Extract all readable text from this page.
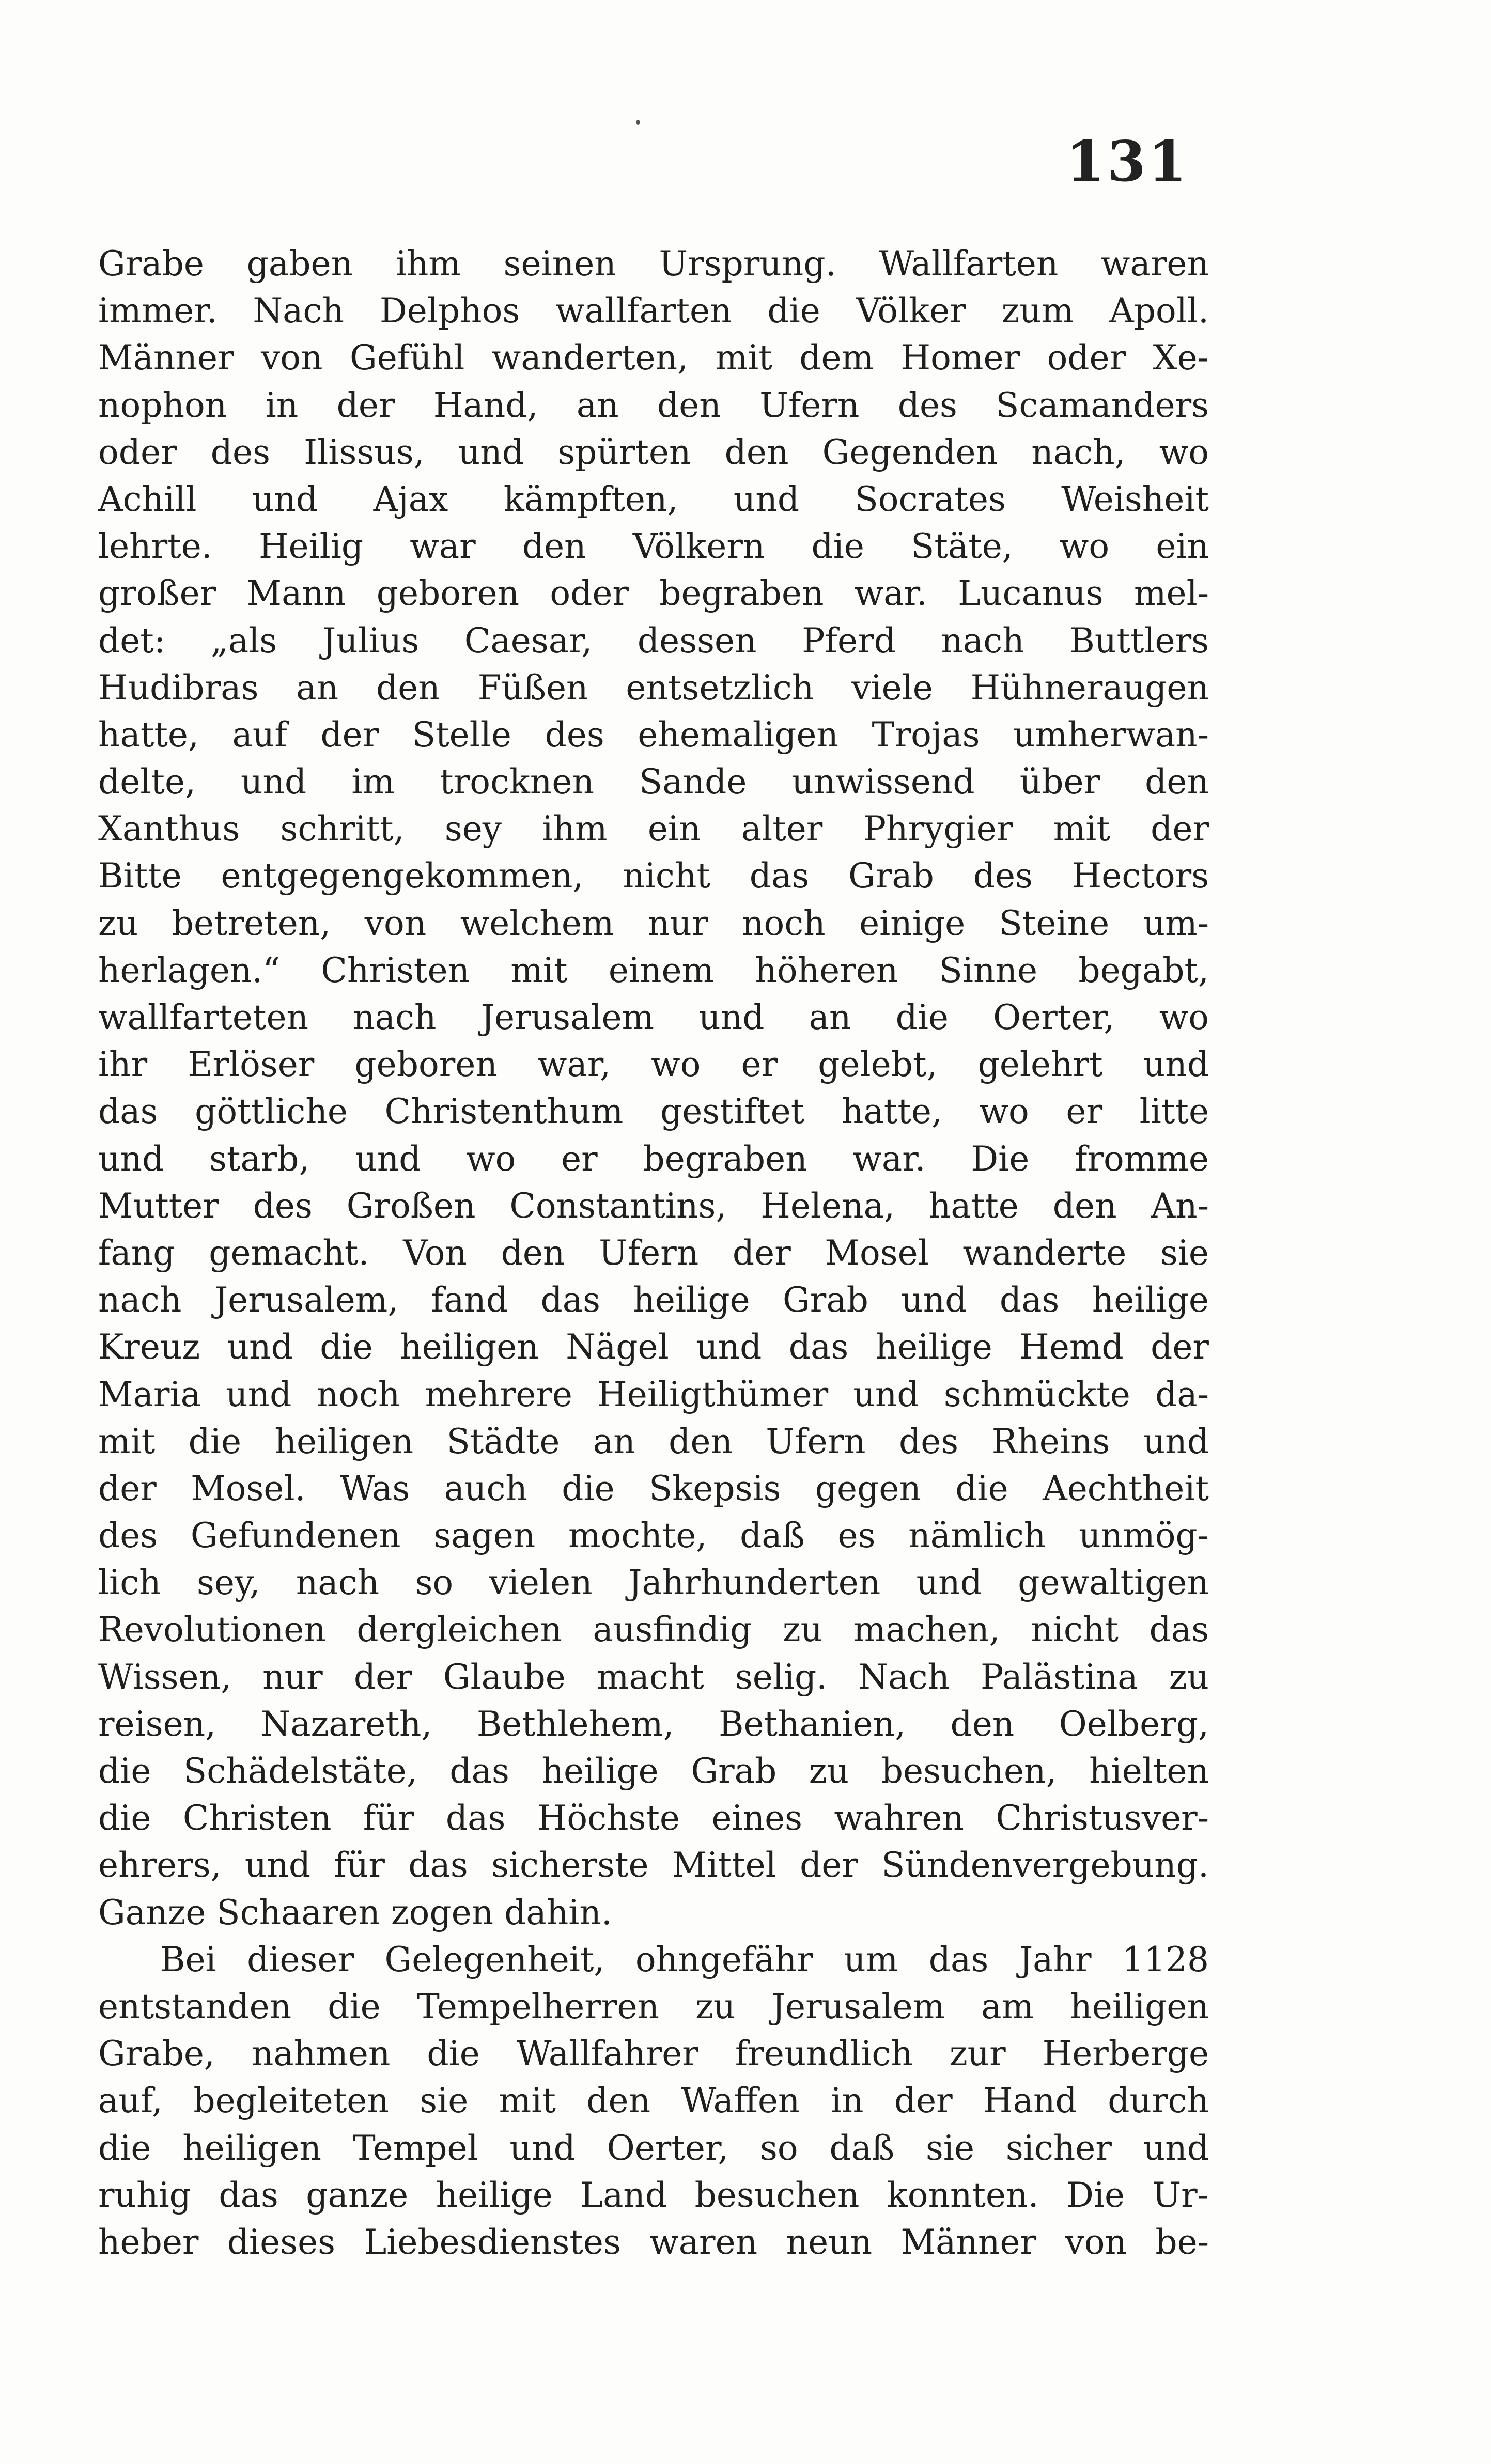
131
Grabe gaben ihm seinen Ursprung. Wallfarten waren
immer. Nach Delphos wallfarten die Völker zum Apoll.
Männer von Gefühl wanderten, mit dem Homer oder Xe-
nophon in der Hand, an den Ufern des Scamanders
oder des Ilissus, und spürten den Gegenden nach, wo
Achill und Ajax kämpften, und Socrates Weisheit
lehrte. Heilig war den Völkern die Stäte, wo ein
großer Mann geboren oder begraben war. Lucanus mel-
det: „als Julius Caesar, dessen Pferd nach Buttlers
Hudibras an den Füßen entsetzlich viele Hühneraugen
hatte, auf der Stelle des ehemaligen Trojas umherwan-
delte, und im trocknen Sande unwissend über den
Xanthus schritt, sey ihm ein alter Phrygier mit der
Bitte entgegengekommen, nicht das Grab des Hectors
zu betreten, von welchem nur noch einige Steine um-
herlagen.“ Christen mit einem höheren Sinne begabt,
wallfarteten nach Jerusalem und an die Oerter, wo
ihr Erlöser geboren war, wo er gelebt, gelehrt und
das göttliche Christenthum gestiftet hatte, wo er litte
und starb, und wo er begraben war. Die fromme
Mutter des Großen Constantins, Helena, hatte den An-
fang gemacht. Von den Ufern der Mosel wanderte sie
nach Jerusalem, fand das heilige Grab und das heilige
Kreuz und die heiligen Nägel und das heilige Hemd der
Maria und noch mehrere Heiligthümer und schmückte da-
mit die heiligen Städte an den Ufern des Rheins und
der Mosel. Was auch die Skepsis gegen die Aechtheit
des Gefundenen sagen mochte, daß es nämlich unmög-
lich sey, nach so vielen Jahrhunderten und gewaltigen
Revolutionen dergleichen ausfindig zu machen, nicht das
Wissen, nur der Glaube macht selig. Nach Palästina zu
reisen, Nazareth, Bethlehem, Bethanien, den Oelberg,
die Schädelstäte, das heilige Grab zu besuchen, hielten
die Christen für das Höchste eines wahren Christusver-
ehrers, und für das sicherste Mittel der Sündenvergebung.
Ganze Schaaren zogen dahin.
Bei dieser Gelegenheit, ohngefähr um das Jahr 1128
entstanden die Tempelherren zu Jerusalem am heiligen
Grabe, nahmen die Wallfahrer freundlich zur Herberge
auf, begleiteten sie mit den Waffen in der Hand durch
die heiligen Tempel und Oerter, so daß sie sicher und
ruhig das ganze heilige Land besuchen konnten. Die Ur-
heber dieses Liebesdienstes waren neun Männer von be-
